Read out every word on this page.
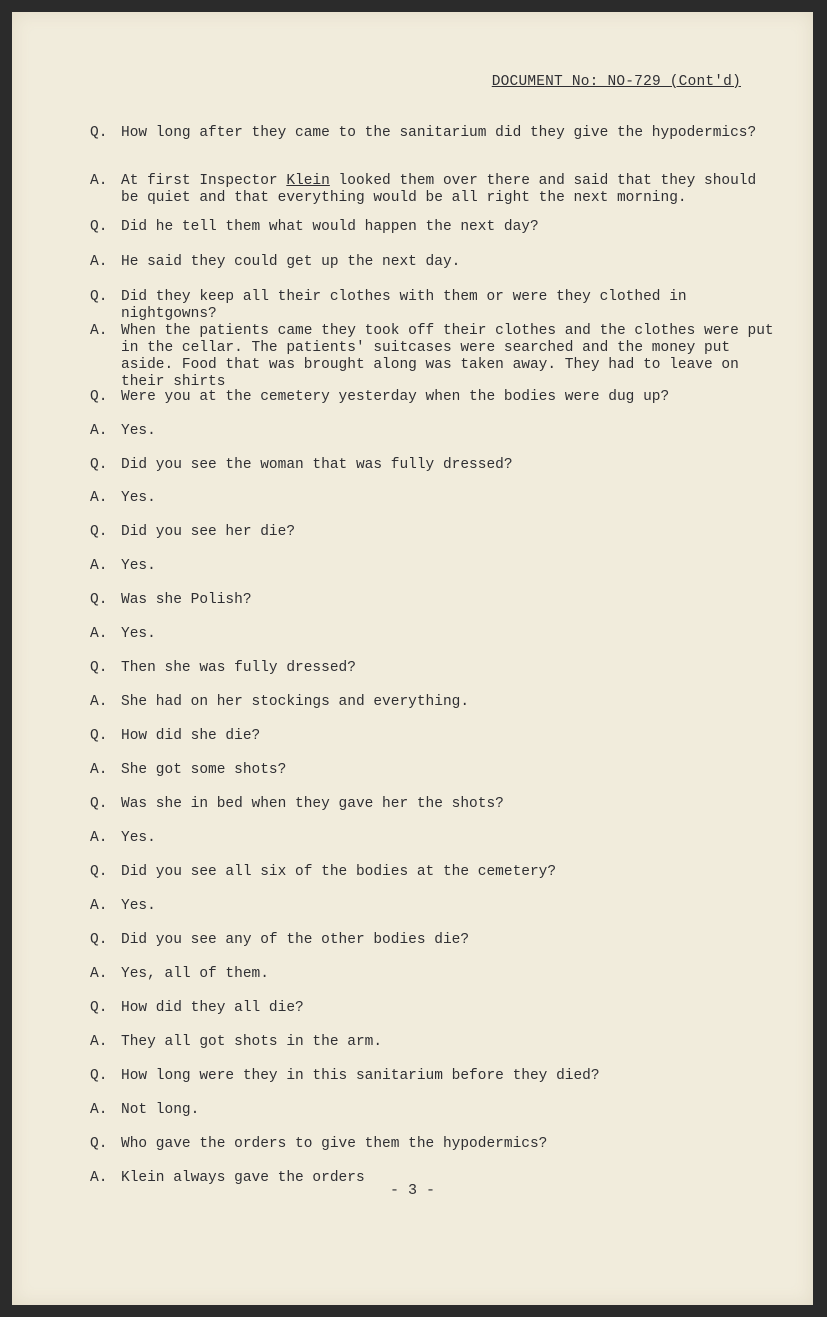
DOCUMENT No: NO-729 (Cont'd)
Q. How long after they came to the sanitarium did they give the hypodermics?
A. At first Inspector Klein looked them over there and said that they should be quiet and that everything would be all right the next morning.
Q. Did he tell them what would happen the next day?
A. He said they could get up the next day.
Q. Did they keep all their clothes with them or were they clothed in nightgowns?
A. When the patients came they took off their clothes and the clothes were put in the cellar. The patients' suitcases were searched and the money put aside. Food that was brought along was taken away. They had to leave on their shirts
Q. Were you at the cemetery yesterday when the bodies were dug up?
A. Yes.
Q. Did you see the woman that was fully dressed?
A. Yes.
Q. Did you see her die?
A. Yes.
Q. Was she Polish?
A. Yes.
Q. Then she was fully dressed?
A. She had on her stockings and everything.
Q. How did she die?
A. She got some shots?
Q. Was she in bed when they gave her the shots?
A. Yes.
Q. Did you see all six of the bodies at the cemetery?
A. Yes.
Q. Did you see any of the other bodies die?
A. Yes, all of them.
Q. How did they all die?
A. They all got shots in the arm.
Q. How long were they in this sanitarium before they died?
A. Not long.
Q. Who gave the orders to give them the hypodermics?
A. Klein always gave the orders
- 3 -
